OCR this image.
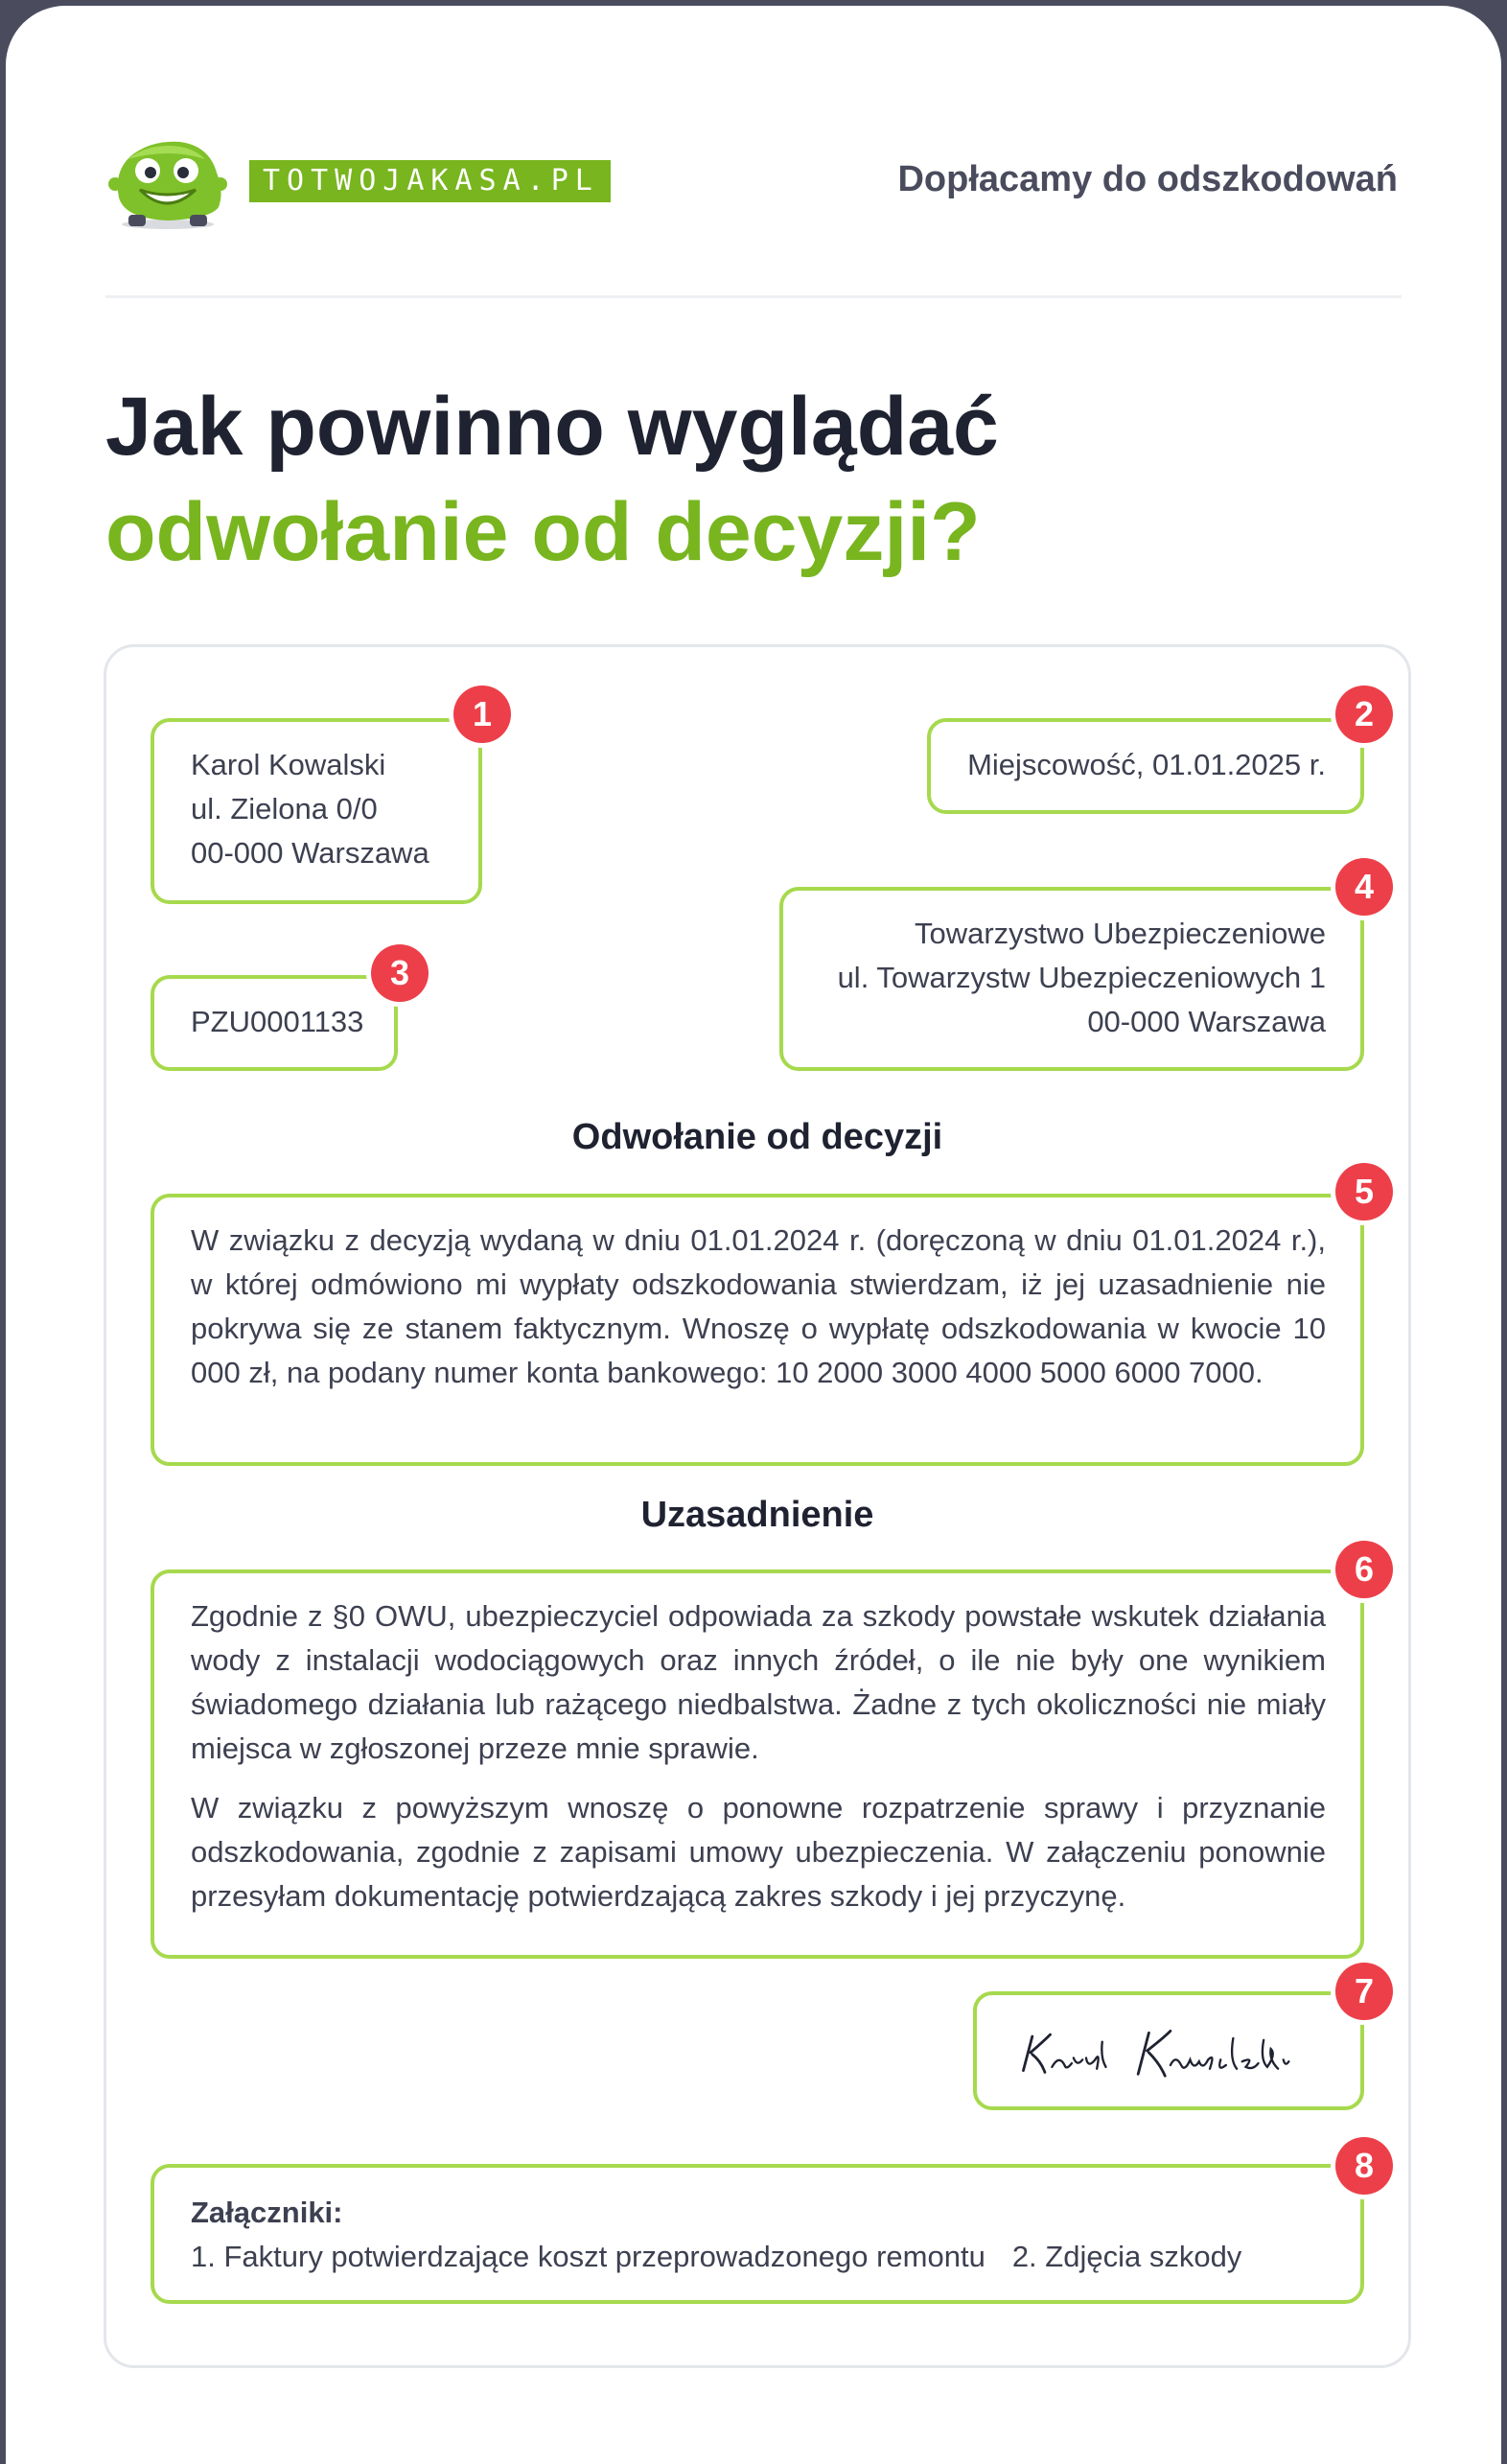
TOTWOJAKASA.PL	Dopłacamy do odszkodowań
Jak powinno wyglądać
odwołanie od decyzji?
Karol Kowalski
ul. Zielona 0/0
00-000 Warszawa
1
Miejscowość, 01.01.2025 r.
2
PZU0001133
3
Towarzystwo Ubezpieczeniowe
ul. Towarzystw Ubezpieczeniowych 1
00-000 Warszawa
4
Odwołanie od decyzji

W związku z decyzją wydaną w dniu 01.01.2024 r. (doręczoną w dniu 01.01.2024 r.), w której odmówiono mi wypłaty odszkodowania stwierdzam, iż jej uzasadnienie nie pokrywa się ze stanem faktycznym. Wnoszę o wypłatę odszkodowania w kwocie 10 000 zł, na podany numer konta bankowego: 10 2000 3000 4000 5000 6000 7000.

5
Uzasadnienie

Zgodnie z §0 OWU, ubezpieczyciel odpowiada za szkody powstałe wskutek działania wody z instalacji wodociągowych oraz innych źródeł, o ile nie były one wynikiem świadomego działania lub rażącego niedbalstwa. Żadne z tych okoliczności nie miały miejsca w zgłoszonej przeze mnie sprawie.

W związku z powyższym wnoszę o ponowne rozpatrzenie sprawy i przyznanie odszkodowania, zgodnie z zapisami umowy ubezpieczenia. W załączeniu ponownie przesyłam dokumentację potwierdzającą zakres szkody i jej przyczynę.

6
7
Załączniki:
1. Faktury potwierdzające koszt przeprowadzonego remontu 2. Zdjęcia szkody
8
